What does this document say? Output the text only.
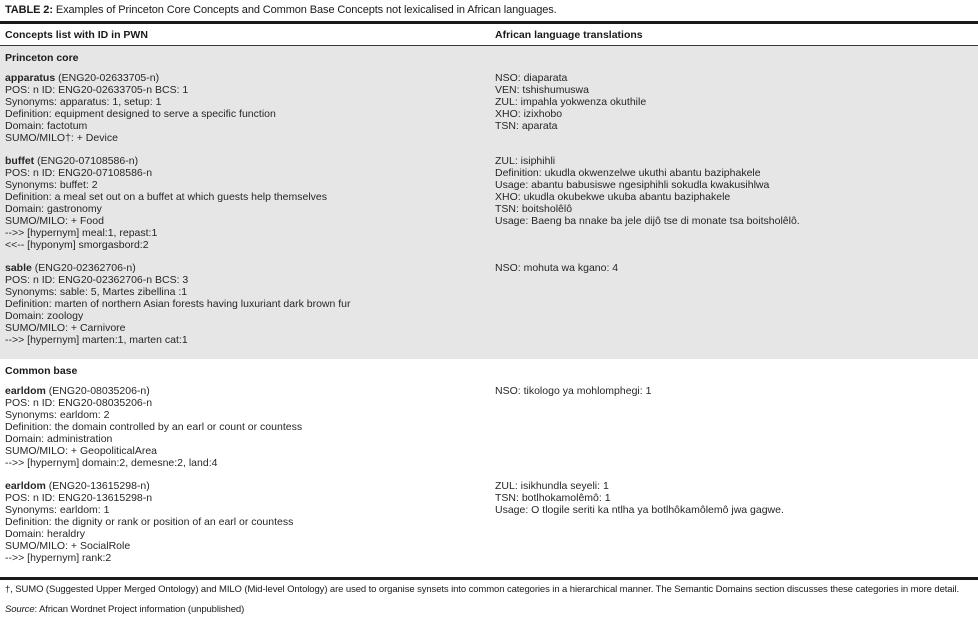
TABLE 2: Examples of Princeton Core Concepts and Common Base Concepts not lexicalised in African languages.
Concepts list with ID in PWN	African language translations
Princeton core
apparatus (ENG20-02633705-n)
POS: n ID: ENG20-02633705-n BCS: 1
Synonyms: apparatus: 1, setup: 1
Definition: equipment designed to serve a specific function
Domain: factotum
SUMO/MILO†: + Device
NSO: diaparata
VEN: tshishumuswa
ZUL: impahla yokwenza okuthile
XHO: izixhobo
TSN: aparata
buffet (ENG20-07108586-n)
POS: n ID: ENG20-07108586-n
Synonyms: buffet: 2
Definition: a meal set out on a buffet at which guests help themselves
Domain: gastronomy
SUMO/MILO: + Food
-->> [hypernym] meal:1, repast:1
<<-- [hyponym] smorgasbord:2
ZUL: isiphihli
Definition: ukudla okwenzelwe ukuthi abantu baziphakele
Usage: abantu babusiswe ngesiphihli sokudla kwakusihlwa
XHO: ukudla okubekwe ukuba abantu baziphakele
TSN: boitsholêlô
Usage: Baeng ba nnake ba jele dijô tse di monate tsa boitsholêlô.
sable (ENG20-02362706-n)
POS: n ID: ENG20-02362706-n BCS: 3
Synonyms: sable: 5, Martes zibellina :1
Definition: marten of northern Asian forests having luxuriant dark brown fur
Domain: zoology
SUMO/MILO: + Carnivore
-->> [hypernym] marten:1, marten cat:1
NSO: mohuta wa kgano: 4
Common base
earldom (ENG20-08035206-n)
POS: n ID: ENG20-08035206-n
Synonyms: earldom: 2
Definition: the domain controlled by an earl or count or countess
Domain: administration
SUMO/MILO: + GeopoliticalArea
-->> [hypernym] domain:2, demesne:2, land:4
NSO: tikologo ya mohlomphegi: 1
earldom (ENG20-13615298-n)
POS: n ID: ENG20-13615298-n
Synonyms: earldom: 1
Definition: the dignity or rank or position of an earl or countess
Domain: heraldry
SUMO/MILO: + SocialRole
-->> [hypernym] rank:2
ZUL: isikhundla seyeli: 1
TSN: botlhokamolêmô: 1
Usage: O tlogile seriti ka ntlha ya botlhôkamôlemô jwa gagwe.
†, SUMO (Suggested Upper Merged Ontology) and MILO (Mid-level Ontology) are used to organise synsets into common categories in a hierarchical manner. The Semantic Domains section discusses these categories in more detail.
Source: African Wordnet Project information (unpublished)
